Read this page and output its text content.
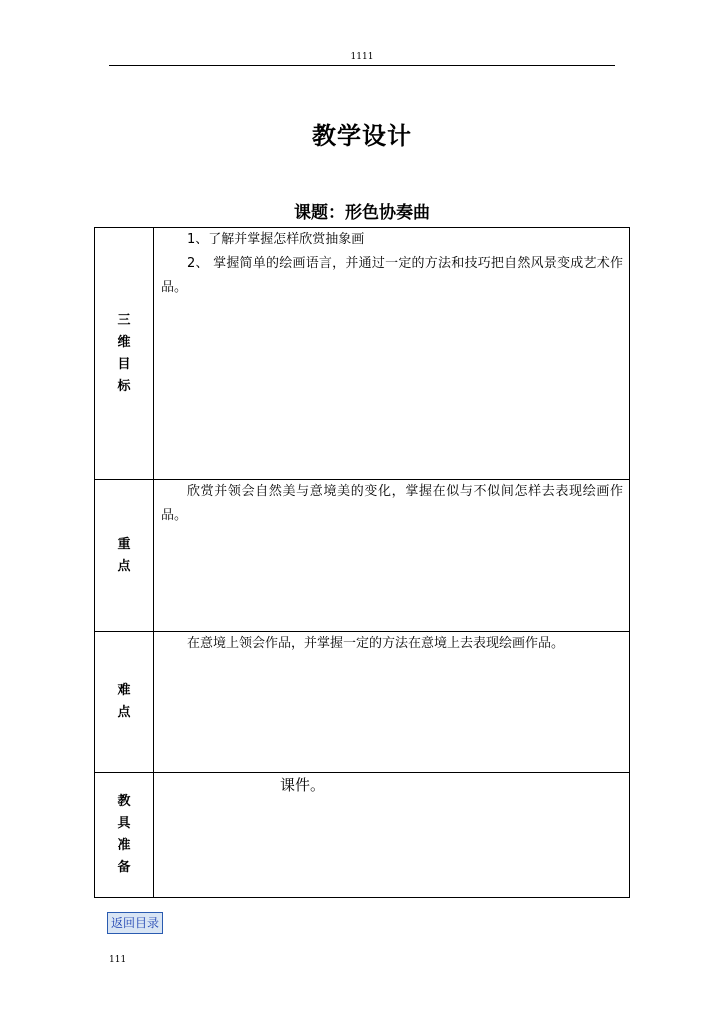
1111
教学设计
课题：形色协奏曲
三维目标	1、了解并掌握怎样欣赏抽象画

2、 掌握简单的绘画语言，并通过一定的方法和技巧把自然风景变成艺术作品。

重点	欣赏并领会自然美与意境美的变化，掌握在似与不似间怎样去表现绘画作品。

难点	在意境上领会作品，并掌握一定的方法在意境上去表现绘画作品。

教具准备	课件。

返回目录
111
